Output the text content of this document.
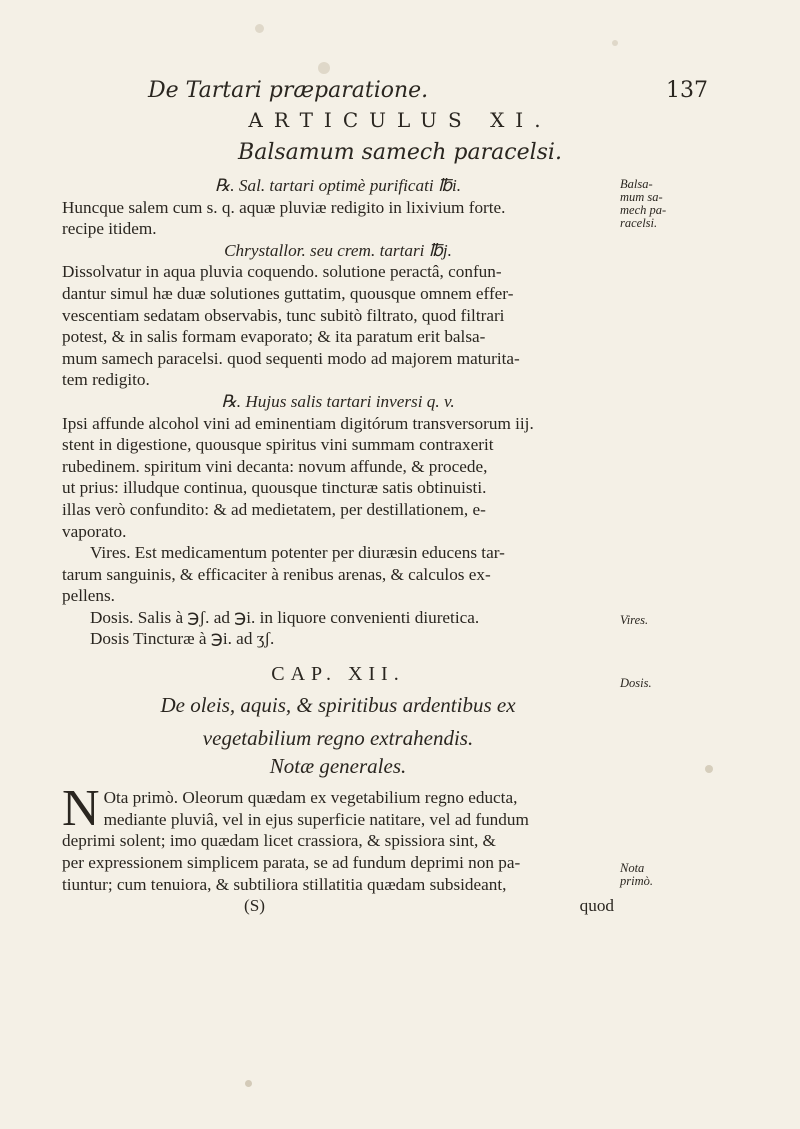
De Tartari præparatione.	137
ARTICULUS XI.
Balsamum samech paracelsi.

℞. Sal. tartari optimè purificati ℔i.

Huncque salem cum s. q. aquæ pluviæ redigito in lixivium forte.

recipe itidem.

Chrystallor. seu crem. tartari ℔j.

Dissolvatur in aqua pluvia coquendo. solutione peractâ, confun-

dantur simul hæ duæ solutiones guttatim, quousque omnem effer-

vescentiam sedatam observabis, tunc subitò filtrato, quod filtrari

potest, & in salis formam evaporato; & ita paratum erit balsa-

mum samech paracelsi. quod sequenti modo ad majorem maturita-

tem redigito.

℞. Hujus salis tartari inversi q. v.

Ipsi affunde alcohol vini ad eminentiam digitórum transversorum iij.

stent in digestione, quousque spiritus vini summam contraxerit

rubedinem. spiritum vini decanta: novum affunde, & procede,

ut prius: illudque continua, quousque tincturæ satis obtinuisti.

illas verò confundito: & ad medietatem, per destillationem, e-

vaporato.

Vires. Est medicamentum potenter per diuræsin educens tar-

tarum sanguinis, & efficaciter à renibus arenas, & calculos ex-

pellens.

Dosis. Salis à ℈ʃ. ad ℈i. in liquore convenienti diuretica.

Dosis Tincturæ à ℈i. ad ʒʃ.

CAP. XII.

De oleis, aquis, & spiritibus ardentibus ex

vegetabilium regno extrahendis.

Notæ generales.

N Ota primò. Oleorum quædam ex vegetabilium regno educta,

mediante pluviâ, vel in ejus superficie natitare, vel ad fundum

deprimi solent; imo quædam licet crassiora, & spissiora sint, &

per expressionem simplicem parata, se ad fundum deprimi non pa-

tiuntur; cum tenuiora, & subtiliora stillatitia quædam subsideant,

(S)	quod
Balsa-
mum sa-
mech pa-
racelsi.
Vires.
Dosis.
Nota
primò.
